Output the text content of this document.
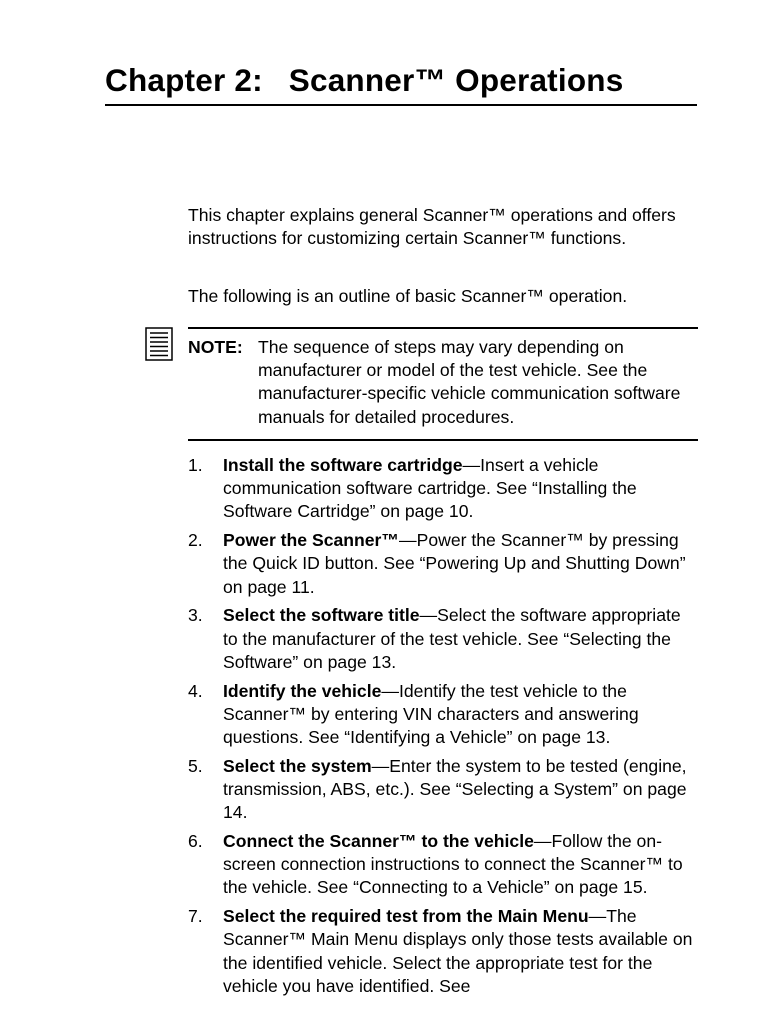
Chapter 2: Scanner™ Operations

This chapter explains general Scanner™ operations and offers instructions for customizing certain Scanner™ functions.

The following is an outline of basic Scanner™ operation.

NOTE: The sequence of steps may vary depending on manufacturer or model of the test vehicle. See the manufacturer-specific vehicle communication software manuals for detailed procedures.
1. Install the software cartridge—Insert a vehicle communication software cartridge. See “Installing the Software Cartridge” on page 10.
2. Power the Scanner™—Power the Scanner™ by pressing the Quick ID button. See “Powering Up and Shutting Down” on page 11.
3. Select the software title—Select the software appropriate to the manufacturer of the test vehicle. See “Selecting the Software” on page 13.
4. Identify the vehicle—Identify the test vehicle to the Scanner™ by entering VIN characters and answering questions. See “Identifying a Vehicle” on page 13.
5. Select the system—Enter the system to be tested (engine, transmission, ABS, etc.). See “Selecting a System” on page 14.
6. Connect the Scanner™ to the vehicle—Follow the on-screen connection instructions to connect the Scanner™ to the vehicle. See “Connecting to a Vehicle” on page 15.
7. Select the required test from the Main Menu—The Scanner™ Main Menu displays only those tests available on the identified vehicle. Select the appropriate test for the vehicle you have identified. See
